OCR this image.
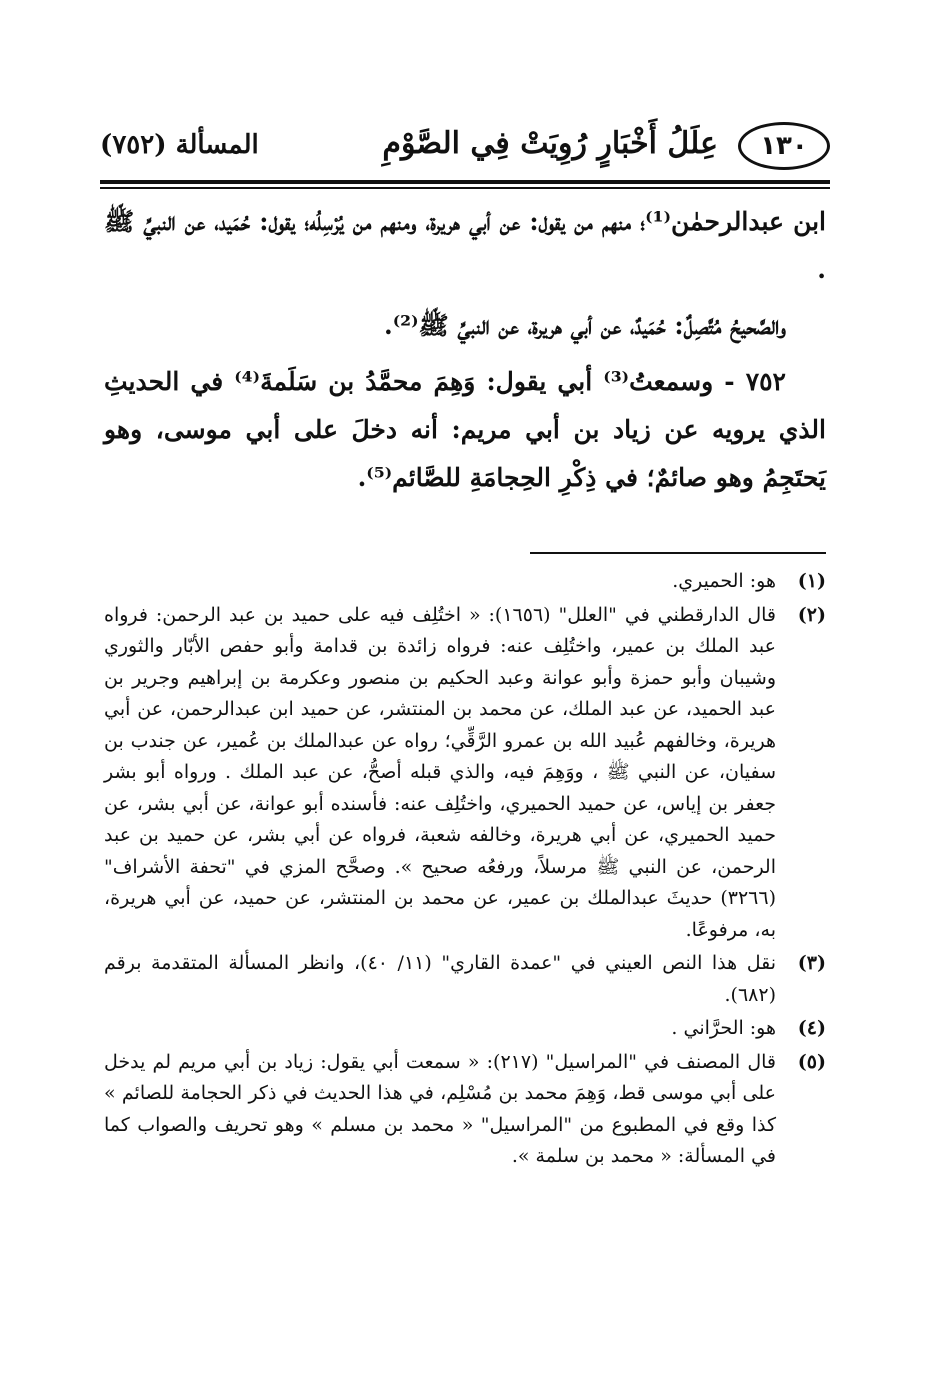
١٣٠
عِلَلُ أَخْبَارٍ رُوِيَتْ فِي الصَّوْمِ
المسألة (٧٥٢)

ابن عبدالرحمٰن⁽¹⁾؛ منهم من يقول: عن أبي هريرة، ومنهم من يُرْسِلُه؛ يقول: حُمَيد، عن النبيِّ ﷺ .

والصَّحيحُ مُتَّصِلٌ: حُمَيدٌ، عن أبي هريرة، عن النبيِّ ﷺ⁽²⁾.

٧٥٢ - وسمعتُ⁽³⁾ أبي يقول: وَهِمَ محمَّدُ بن سَلَمةَ⁽⁴⁾ في الحديثِ الذي يرويه عن زياد بن أبي مريم: أنه دخلَ على أبي موسى، وهو يَحتَجِمُ وهو صائمٌ؛ في ذِكْرِ الحِجامَةِ للصَّائم⁽⁵⁾.

(١)
هو: الحميري.
(٢)
قال الدارقطني في "العلل" (١٦٥٦): « اختُلِف فيه على حميد بن عبد الرحمن: فرواه عبد الملك بن عمير، واختُلِف عنه: فرواه زائدة بن قدامة وأبو حفص الأبّار والثوري وشيبان وأبو حمزة وأبو عوانة وعبد الحكيم بن منصور وعكرمة بن إبراهيم وجرير بن عبد الحميد، عن عبد الملك، عن محمد بن المنتشر، عن حميد ابن عبدالرحمن، عن أبي هريرة، وخالفهم عُبيد الله بن عمرو الرَّقِّي؛ رواه عن عبدالملك بن عُمير، عن جندب بن سفيان، عن النبي ﷺ ، ووَهِمَ فيه، والذي قبله أصحُّ، عن عبد الملك . ورواه أبو بشر جعفر بن إياس، عن حميد الحميري، واختُلِف عنه: فأسنده أبو عوانة، عن أبي بشر، عن حميد الحميري، عن أبي هريرة، وخالفه شعبة، فرواه عن أبي بشر، عن حميد بن عبد الرحمن، عن النبي ﷺ مرسلاً، ورفعُه صحيح ». وصحَّح المزي في "تحفة الأشراف" (٣٢٦٦) حديثَ عبدالملك بن عمير، عن محمد بن المنتشر، عن حميد، عن أبي هريرة، به، مرفوعًا.
(٣)
نقل هذا النص العيني في "عمدة القاري" (١١/ ٤٠)، وانظر المسألة المتقدمة برقم (٦٨٢).
(٤)
هو: الحرَّاني .
(٥)
قال المصنف في "المراسيل" (٢١٧): « سمعت أبي يقول: زياد بن أبي مريم لم يدخل على أبي موسى قط، وَهِمَ محمد بن مُسْلِم، في هذا الحديث في ذكر الحجامة للصائم » كذا وقع في المطبوع من "المراسيل" « محمد بن مسلم » وهو تحريف والصواب كما في المسألة: « محمد بن سلمة ».
